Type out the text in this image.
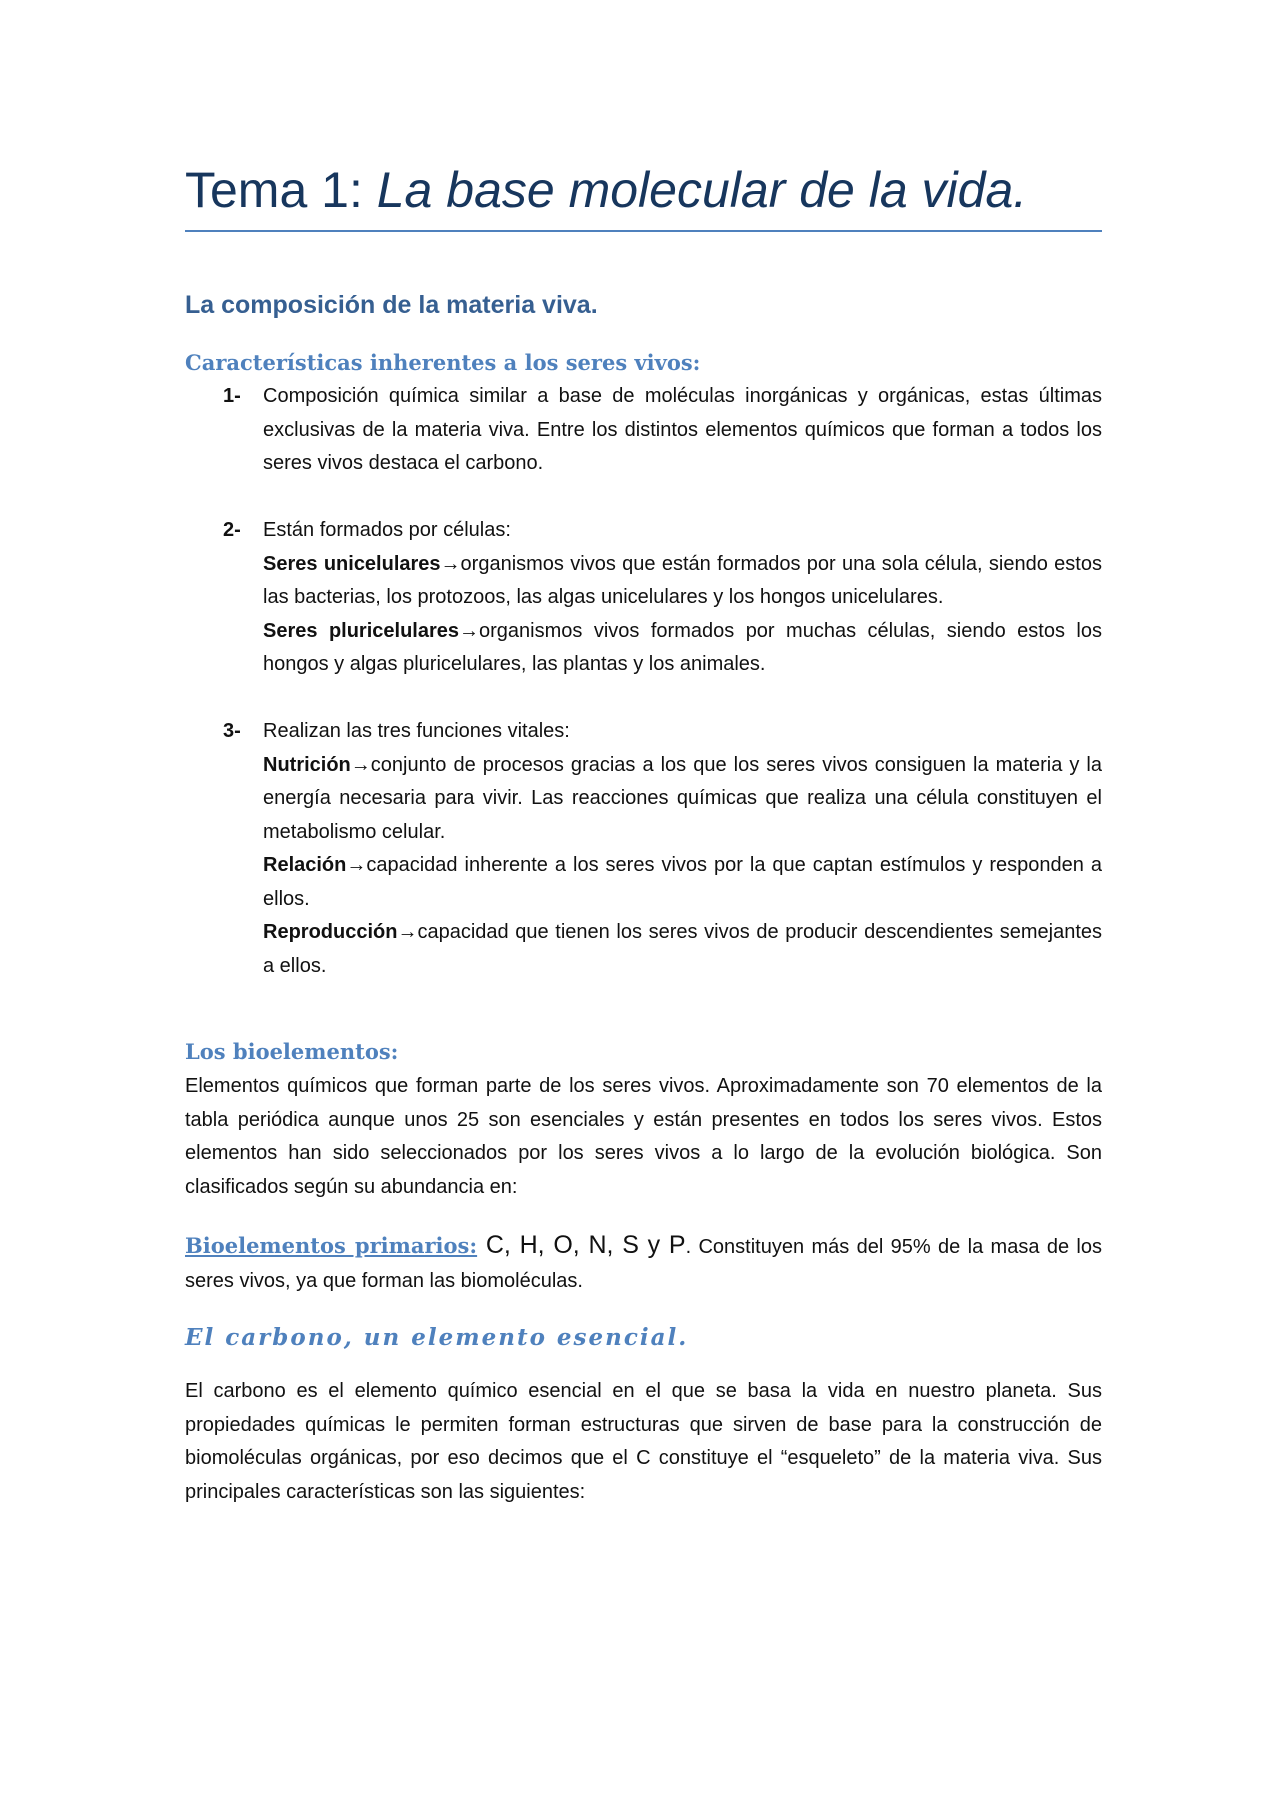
Tema 1: La base molecular de la vida.
La composición de la materia viva.
Características inherentes a los seres vivos:
1- Composición química similar a base de moléculas inorgánicas y orgánicas, estas últimas exclusivas de la materia viva. Entre los distintos elementos químicos que forman a todos los seres vivos destaca el carbono.

2- Están formados por células:

Seres unicelulares→organismos vivos que están formados por una sola célula, siendo estos las bacterias, los protozoos, las algas unicelulares y los hongos unicelulares.

Seres pluricelulares→organismos vivos formados por muchas células, siendo estos los hongos y algas pluricelulares, las plantas y los animales.

3- Realizan las tres funciones vitales:

Nutrición→conjunto de procesos gracias a los que los seres vivos consiguen la materia y la energía necesaria para vivir. Las reacciones químicas que realiza una célula constituyen el metabolismo celular.

Relación→capacidad inherente a los seres vivos por la que captan estímulos y responden a ellos.

Reproducción→capacidad que tienen los seres vivos de producir descendientes semejantes a ellos.

Los bioelementos:

Elementos químicos que forman parte de los seres vivos. Aproximadamente son 70 elementos de la tabla periódica aunque unos 25 son esenciales y están presentes en todos los seres vivos. Estos elementos han sido seleccionados por los seres vivos a lo largo de la evolución biológica. Son clasificados según su abundancia en:

Bioelementos primarios: C, H, O, N, S y P. Constituyen más del 95% de la masa de los seres vivos, ya que forman las biomoléculas.

El carbono, un elemento esencial.

El carbono es el elemento químico esencial en el que se basa la vida en nuestro planeta. Sus propiedades químicas le permiten forman estructuras que sirven de base para la construcción de biomoléculas orgánicas, por eso decimos que el C constituye el “esqueleto” de la materia viva. Sus principales características son las siguientes:
